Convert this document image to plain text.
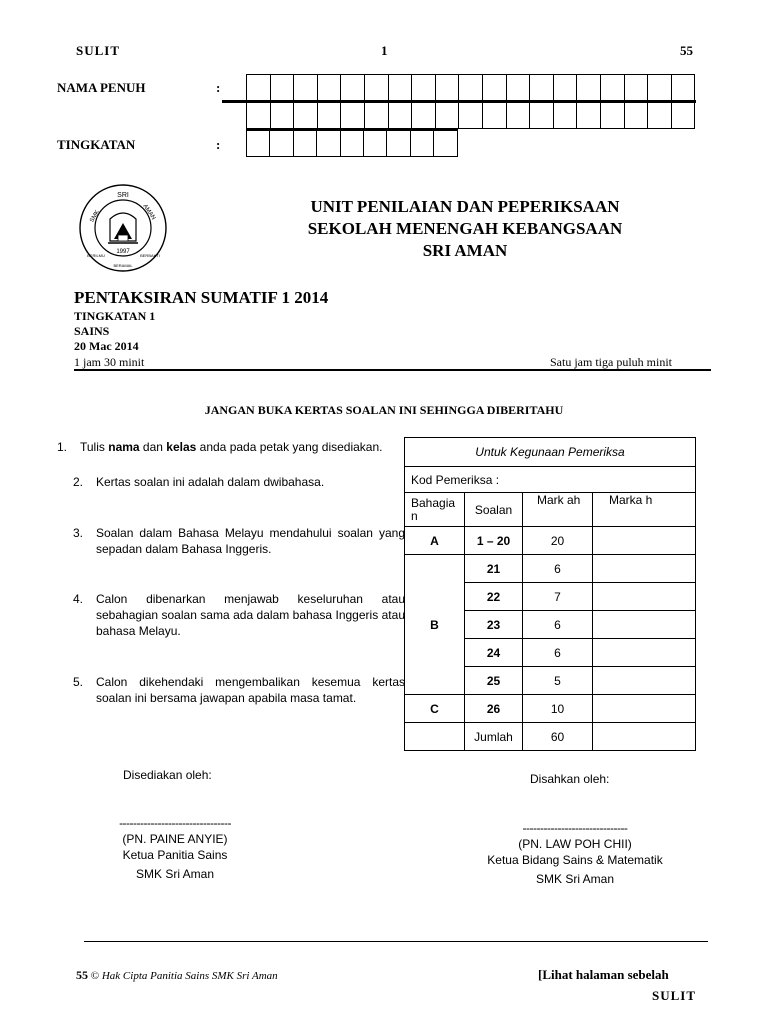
SULIT	1	55
NAMA PENUH	:
TINGKATAN	:
SRI
AMAN
SMK
1997
BERILMU
BERAMAL
BERBAKTI
UNIT PENILAIAN DAN PEPERIKSAAN
SEKOLAH MENENGAH KEBANGSAAN
SRI AMAN
PENTAKSIRAN SUMATIF 1 2014
TINGKATAN 1
SAINS
20 Mac 2014
1 jam 30 minit	Satu jam tiga puluh minit
JANGAN BUKA KERTAS SOALAN INI SEHINGGA DIBERITAHU
1. Tulis nama dan kelas anda pada petak yang disediakan.
2. Kertas soalan ini adalah dalam dwibahasa.
3. Soalan dalam Bahasa Melayu mendahului soalan yang sepadan dalam Bahasa Inggeris.
4. Calon dibenarkan menjawab keseluruhan atau sebahagian soalan sama ada dalam bahasa Inggeris atau bahasa Melayu.
5. Calon dikehendaki mengembalikan kesemua kertas soalan ini bersama jawapan apabila masa tamat.
Untuk Kegunaan Pemeriksa			
Kod Pemeriksa :			
Bahagia n	Soalan	Mark ah	Marka h
A	1 – 20	20	
B	21	6	
	22	7	
	23	6	
	24	6	
	25	5	
C	26	10	
	Jumlah	60	
Disediakan oleh:	Disahkan oleh:
--------------------------------
(PN. PAINE ANYIE)
Ketua Panitia Sains
SMK Sri Aman
------------------------------
(PN. LAW POH CHII)
Ketua Bidang Sains & Matematik
SMK Sri Aman
55 © Hak Cipta Panitia Sains SMK Sri Aman	[Lihat halaman sebelah
SULIT
